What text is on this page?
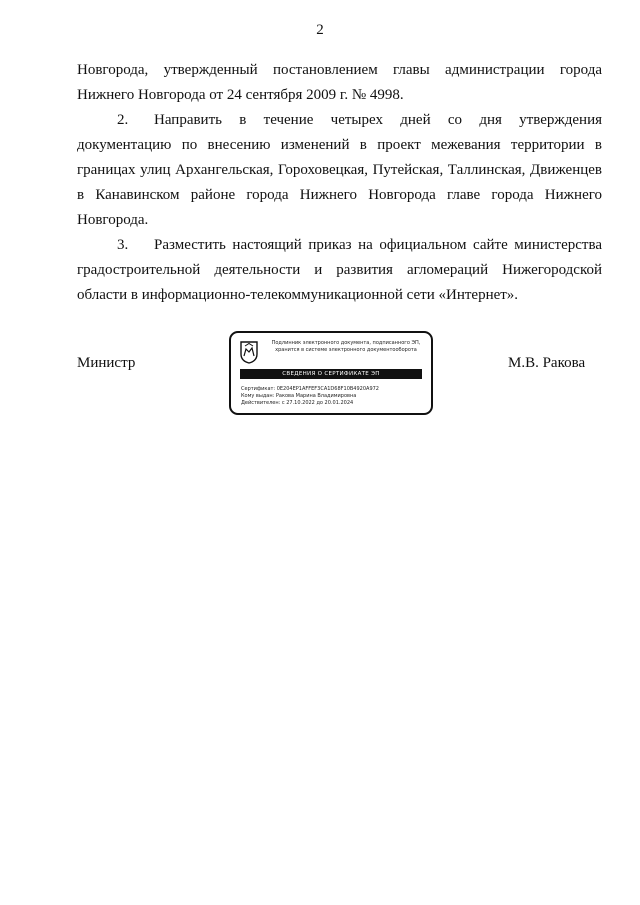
2

Новгорода, утвержденный постановлением главы администрации города Нижнего Новгорода от 24 сентября 2009 г. № 4998.

2. Направить в течение четырех дней со дня утверждения документацию по внесению изменений в проект межевания территории в границах улиц Архангельская, Гороховецкая, Путейская, Таллинская, Движенцев в Канавинском районе города Нижнего Новгорода главе города Нижнего Новгорода.

3. Разместить настоящий приказ на официальном сайте министерства градостроительной деятельности и развития агломераций Нижегородской области в информационно-телекоммуникационной сети «Интернет».

Министр	М.В. Ракова
Подлинник электронного документа, подписанного ЭП, хранится в системе электронного документооборота
СВЕДЕНИЯ О СЕРТИФИКАТЕ ЭП
Сертификат: 0E204EP1AFFEF3CA1D68F10B4920A972
Кому выдан: Ракова Марина Владимировна
Действителен: с 27.10.2022 до 20.01.2024
